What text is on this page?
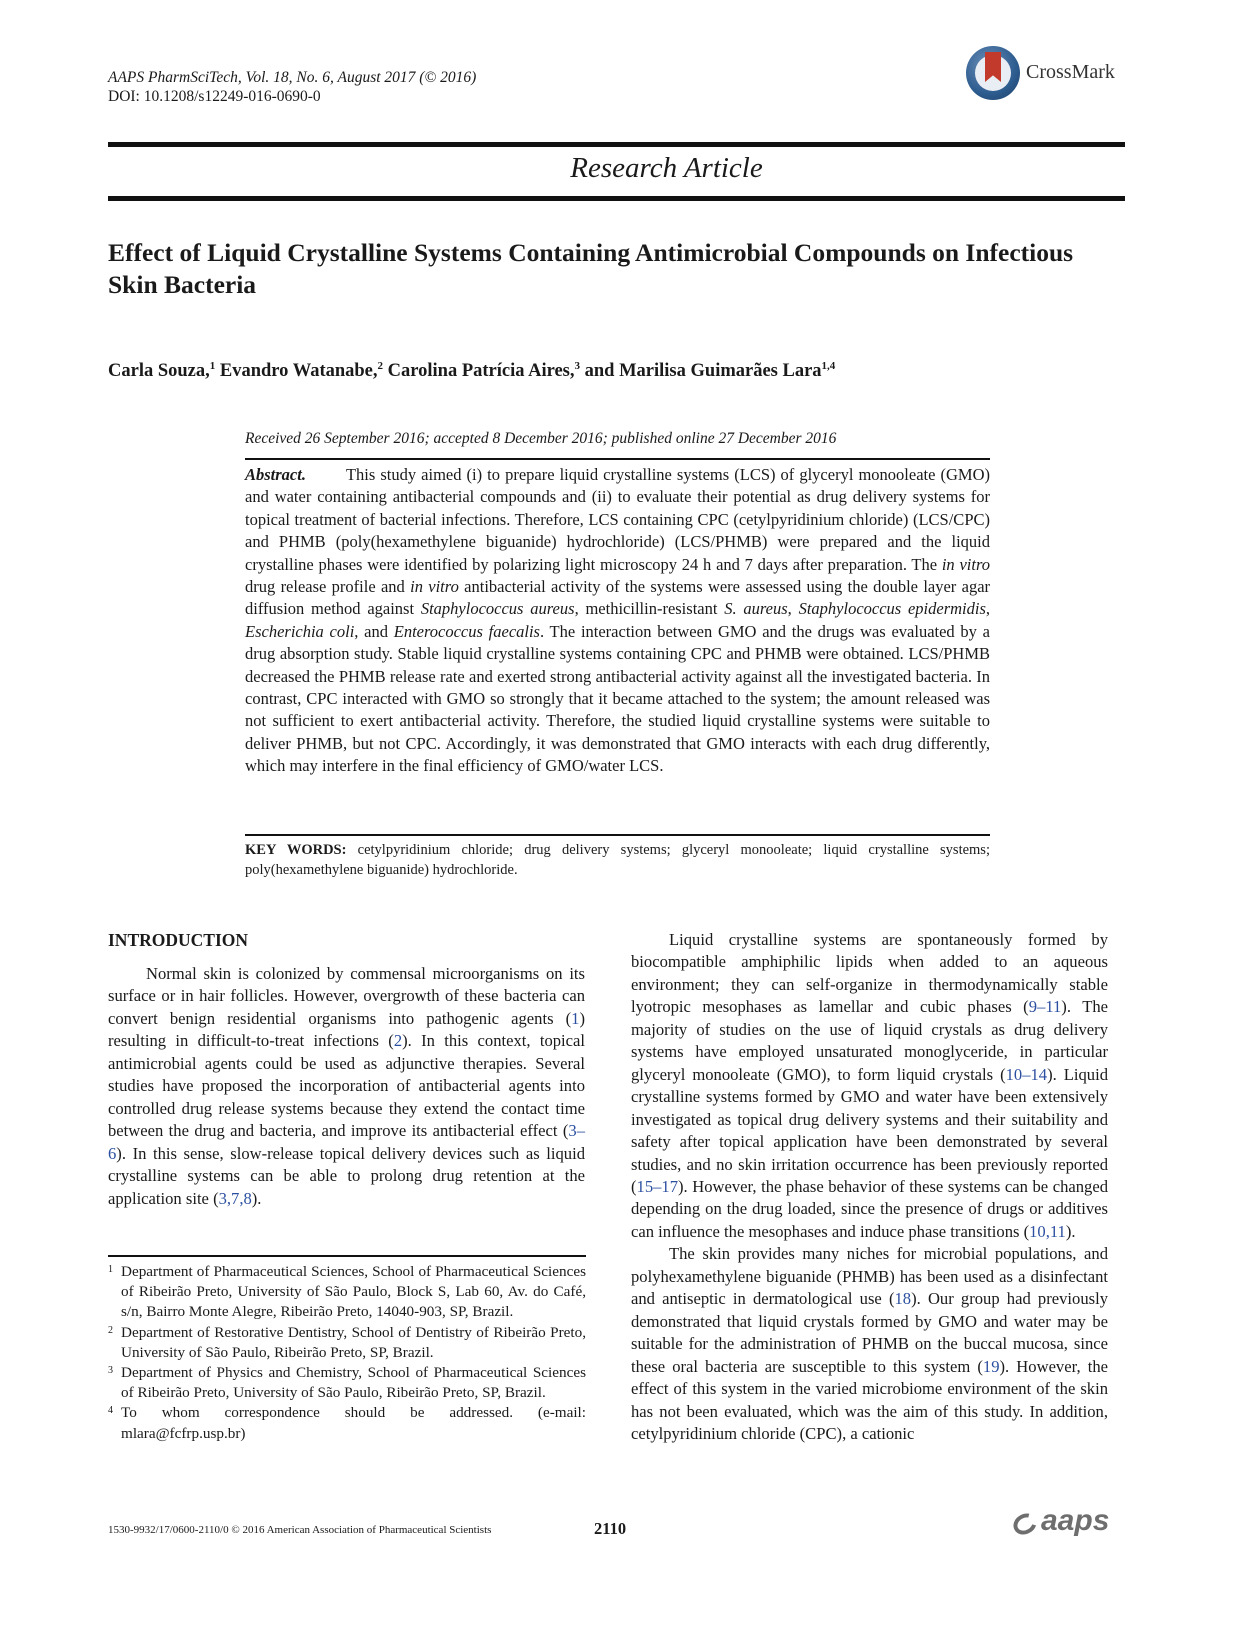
AAPS PharmSciTech, Vol. 18, No. 6, August 2017 (© 2016)
DOI: 10.1208/s12249-016-0690-0
CrossMark
Research Article
Effect of Liquid Crystalline Systems Containing Antimicrobial Compounds on Infectious Skin Bacteria
Carla Souza,$^1$ Evandro Watanabe,$^2$ Carolina Patrícia Aires,$^3$ and Marilisa Guimarães Lara$^{1,4}$
Received 26 September 2016; accepted 8 December 2016; published online 27 December 2016
Abstract. This study aimed (i) to prepare liquid crystalline systems (LCS) of glyceryl monooleate (GMO) and water containing antibacterial compounds and (ii) to evaluate their potential as drug delivery systems for topical treatment of bacterial infections. Therefore, LCS containing CPC (cetylpyridinium chloride) (LCS/CPC) and PHMB (poly(hexamethylene biguanide) hydrochloride) (LCS/PHMB) were prepared and the liquid crystalline phases were identified by polarizing light microscopy 24 h and 7 days after preparation. The in vitro drug release profile and in vitro antibacterial activity of the systems were assessed using the double layer agar diffusion method against Staphylococcus aureus, methicillin-resistant S. aureus, Staphylococcus epidermidis, Escherichia coli, and Enterococcus faecalis. The interaction between GMO and the drugs was evaluated by a drug absorption study. Stable liquid crystalline systems containing CPC and PHMB were obtained. LCS/PHMB decreased the PHMB release rate and exerted strong antibacterial activity against all the investigated bacteria. In contrast, CPC interacted with GMO so strongly that it became attached to the system; the amount released was not sufficient to exert antibacterial activity. Therefore, the studied liquid crystalline systems were suitable to deliver PHMB, but not CPC. Accordingly, it was demonstrated that GMO interacts with each drug differently, which may interfere in the final efficiency of GMO/water LCS.
KEY WORDS: cetylpyridinium chloride; drug delivery systems; glyceryl monooleate; liquid crystalline systems; poly(hexamethylene biguanide) hydrochloride.
INTRODUCTION

Normal skin is colonized by commensal microorganisms on its surface or in hair follicles. However, overgrowth of these bacteria can convert benign residential organisms into pathogenic agents (1) resulting in difficult-to-treat infections (2). In this context, topical antimicrobial agents could be used as adjunctive therapies. Several studies have proposed the incorporation of antibacterial agents into controlled drug release systems because they extend the contact time between the drug and bacteria, and improve its antibacterial effect (3–6). In this sense, slow-release topical delivery devices such as liquid crystalline systems can be able to prolong drug retention at the application site (3,7,8).

Liquid crystalline systems are spontaneously formed by biocompatible amphiphilic lipids when added to an aqueous environment; they can self-organize in thermodynamically stable lyotropic mesophases as lamellar and cubic phases (9–11). The majority of studies on the use of liquid crystals as drug delivery systems have employed unsaturated monoglyceride, in particular glyceryl monooleate (GMO), to form liquid crystals (10–14). Liquid crystalline systems formed by GMO and water have been extensively investigated as topical drug delivery systems and their suitability and safety after topical application have been demonstrated by several studies, and no skin irritation occurrence has been previously reported (15–17). However, the phase behavior of these systems can be changed depending on the drug loaded, since the presence of drugs or additives can influence the mesophases and induce phase transitions (10,11).

The skin provides many niches for microbial populations, and polyhexamethylene biguanide (PHMB) has been used as a disinfectant and antiseptic in dermatological use (18). Our group had previously demonstrated that liquid crystals formed by GMO and water may be suitable for the administration of PHMB on the buccal mucosa, since these oral bacteria are susceptible to this system (19). However, the effect of this system in the varied microbiome environment of the skin has not been evaluated, which was the aim of this study. In addition, cetylpyridinium chloride (CPC), a cationic

1 Department of Pharmaceutical Sciences, School of Pharmaceutical Sciences of Ribeirão Preto, University of São Paulo, Block S, Lab 60, Av. do Café, s/n, Bairro Monte Alegre, Ribeirão Preto, 14040-903, SP, Brazil.

2 Department of Restorative Dentistry, School of Dentistry of Ribeirão Preto, University of São Paulo, Ribeirão Preto, SP, Brazil.

3 Department of Physics and Chemistry, School of Pharmaceutical Sciences of Ribeirão Preto, University of São Paulo, Ribeirão Preto, SP, Brazil.

4 To whom correspondence should be addressed. (e-mail: mlara@fcfrp.usp.br)

1530-9932/17/0600-2110/0 © 2016 American Association of Pharmaceutical Scientists	2110	aaps
